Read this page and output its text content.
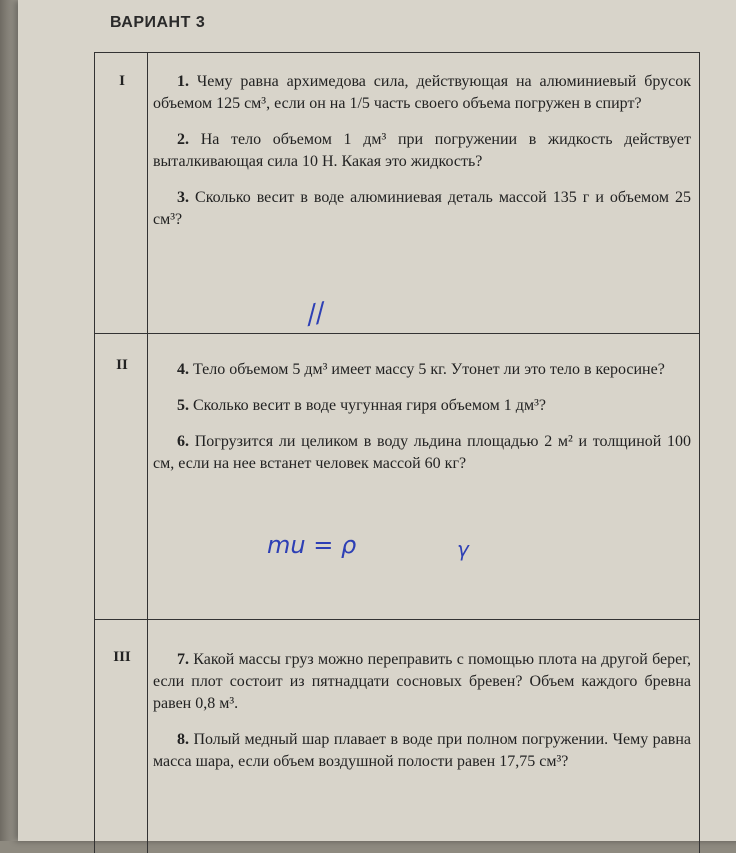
ВАРИАНТ 3
I	1. Чему равна архимедова сила, действующая на алюминиевый брусок объемом 125 см³, если он на 1/5 часть своего объема погружен в спирт?
2. На тело объемом 1 дм³ при погружении в жидкость действует выталкивающая сила 10 Н. Какая это жидкость?
3. Сколько весит в воде алюминиевая деталь массой 135 г и объемом 25 см³?
//
II	4. Тело объемом 5 дм³ имеет массу 5 кг. Утонет ли это тело в керосине?
5. Сколько весит в воде чугунная гиря объемом 1 дм³?
6. Погрузится ли целиком в воду льдина площадью 2 м² и толщиной 100 см, если на нее встанет человек массой 60 кг?
mu = ρ	γ
III	7. Какой массы груз можно переправить с помощью плота на другой берег, если плот состоит из пятнадцати сосновых бревен? Объем каждого бревна равен 0,8 м³.
8. Полый медный шар плавает в воде при полном погружении. Чему равна масса шара, если объем воздушной полости равен 17,75 см³?
